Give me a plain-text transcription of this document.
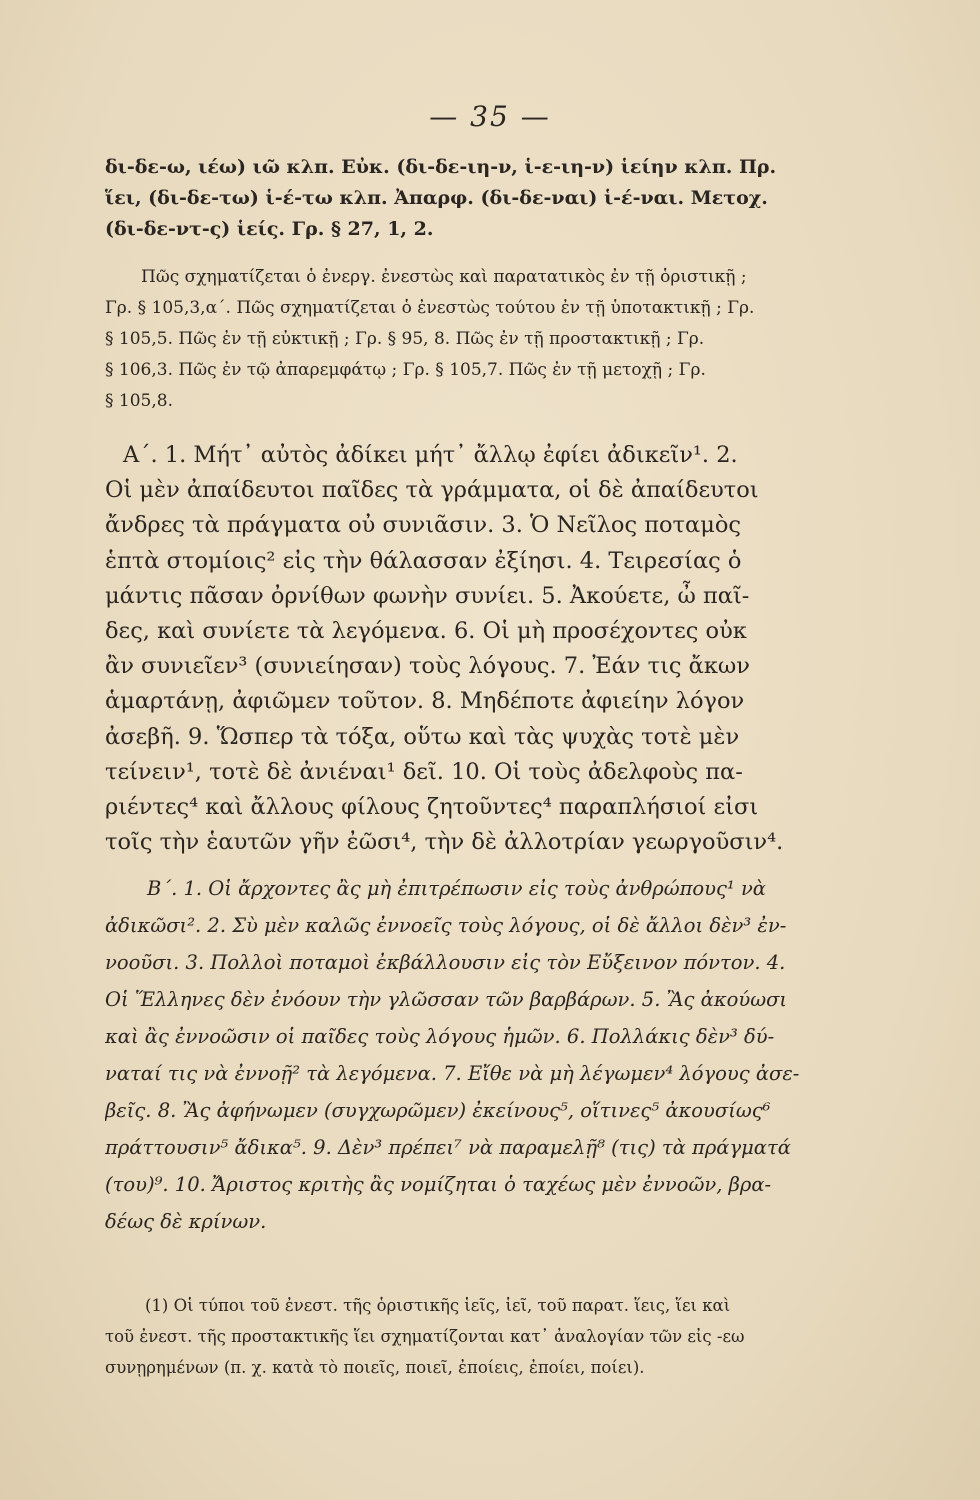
— 35 —
δι-δε-ω, ιέω) ιῶ κλπ. Εὐκ. (δι-δε-ιη-ν, ἱ-ε-ιη-ν) ἱείην κλπ. Πρ.
ἵει, (δι-δε-τω) ἱ-έ-τω κλπ. Ἀπαρφ. (δι-δε-ναι) ἱ-έ-ναι. Μετοχ.
(δι-δε-ντ-ς) ἱείς. Γρ. § 27, 1, 2.
Πῶς σχηματίζεται ὁ ἐνεργ. ἐνεστὼς καὶ παρατατικὸς ἐν τῇ ὁριστικῇ ;
Γρ. § 105,3,α΄. Πῶς σχηματίζεται ὁ ἐνεστὼς τούτου ἐν τῇ ὑποτακτικῇ ; Γρ.
§ 105,5. Πῶς ἐν τῇ εὐκτικῇ ; Γρ. § 95, 8. Πῶς ἐν τῇ προστακτικῇ ; Γρ.
§ 106,3. Πῶς ἐν τῷ ἀπαρεμφάτῳ ; Γρ. § 105,7. Πῶς ἐν τῇ μετοχῇ ; Γρ.
§ 105,8.
Α΄. 1. Μήτ᾽ αὐτὸς ἀδίκει μήτ᾽ ἄλλῳ ἐφίει ἀδικεῖν¹. 2.
Οἱ μὲν ἀπαίδευτοι παῖδες τὰ γράμματα, οἱ δὲ ἀπαίδευτοι
ἄνδρες τὰ πράγματα οὐ συνιᾶσιν. 3. Ὁ Νεῖλος ποταμὸς
ἑπτὰ στομίοις² εἰς τὴν θάλασσαν ἐξίησι. 4. Τειρεσίας ὁ
μάντις πᾶσαν ὀρνίθων φωνὴν συνίει. 5. Ἀκούετε, ὦ παῖ-
δες, καὶ συνίετε τὰ λεγόμενα. 6. Οἱ μὴ προσέχοντες οὐκ
ἂν συνιεῖεν³ (συνιείησαν) τοὺς λόγους. 7. Ἐάν τις ἄκων
ἁμαρτάνῃ, ἀφιῶμεν τοῦτον. 8. Μηδέποτε ἀφιείην λόγον
ἀσεβῆ. 9. Ὥσπερ τὰ τόξα, οὕτω καὶ τὰς ψυχὰς τοτὲ μὲν
τείνειν¹, τοτὲ δὲ ἀνιέναι¹ δεῖ. 10. Οἱ τοὺς ἀδελφοὺς πα-
ριέντες⁴ καὶ ἄλλους φίλους ζητοῦντες⁴ παραπλήσιοί εἰσι
τοῖς τὴν ἑαυτῶν γῆν ἐῶσι⁴, τὴν δὲ ἀλλοτρίαν γεωργοῦσιν⁴.
Β΄. 1. Οἱ ἄρχοντες ἂς μὴ ἐπιτρέπωσιν εἰς τοὺς ἀνθρώπους¹ νὰ
ἀδικῶσι². 2. Σὺ μὲν καλῶς ἐννοεῖς τοὺς λόγους, οἱ δὲ ἄλλοι δὲν³ ἐν-
νοοῦσι. 3. Πολλοὶ ποταμοὶ ἐκβάλλουσιν εἰς τὸν Εὔξεινον πόντον. 4.
Οἱ Ἕλληνες δὲν ἐνόουν τὴν γλῶσσαν τῶν βαρβάρων. 5. Ἂς ἀκούωσι
καὶ ἂς ἐννοῶσιν οἱ παῖδες τοὺς λόγους ἡμῶν. 6. Πολλάκις δὲν³ δύ-
ναταί τις νὰ ἐννοῇ² τὰ λεγόμενα. 7. Εἴθε νὰ μὴ λέγωμεν⁴ λόγους ἀσε-
βεῖς. 8. Ἂς ἀφήνωμεν (συγχωρῶμεν) ἐκείνους⁵, οἵτινες⁵ ἀκουσίως⁶
πράττουσιν⁵ ἄδικα⁵. 9. Δὲν³ πρέπει⁷ νὰ παραμελῇ⁸ (τις) τὰ πράγματά
(του)⁹. 10. Ἄριστος κριτὴς ἂς νομίζηται ὁ ταχέως μὲν ἐννοῶν, βρα-
δέως δὲ κρίνων.
(1) Οἱ τύποι τοῦ ἐνεστ. τῆς ὁριστικῆς ἱεῖς, ἱεῖ, τοῦ παρατ. ἵεις, ἵει καὶ
τοῦ ἐνεστ. τῆς προστακτικῆς ἵει σχηματίζονται κατ᾽ ἀναλογίαν τῶν εἰς -εω
συνῃρημένων (π. χ. κατὰ τὸ ποιεῖς, ποιεῖ, ἐποίεις, ἐποίει, ποίει).
